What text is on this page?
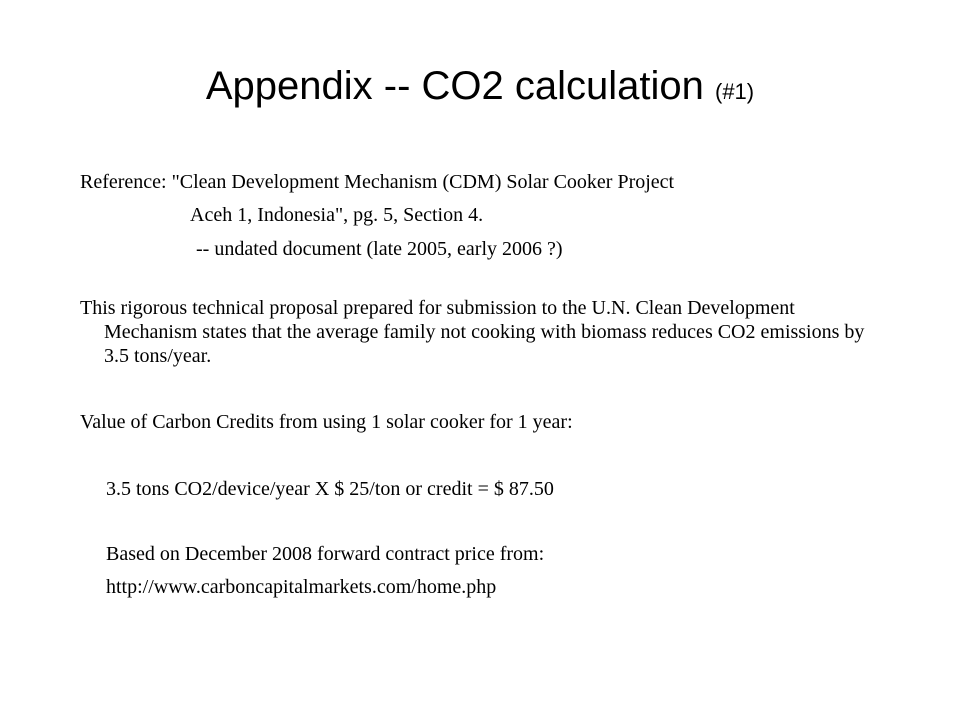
Appendix -- CO2 calculation (#1)
Reference: "Clean Development Mechanism (CDM) Solar Cooker Project
Aceh 1, Indonesia", pg. 5, Section 4.
-- undated document (late 2005, early 2006 ?)
This rigorous technical proposal prepared for submission to the U.N. Clean Development Mechanism states that the average family not cooking with biomass reduces CO2 emissions by 3.5 tons/year.
Value of Carbon Credits from using 1 solar cooker for 1 year:
3.5 tons CO2/device/year X $ 25/ton or credit = $ 87.50
Based on December 2008 forward contract price from:
http://www.carboncapitalmarkets.com/home.php
